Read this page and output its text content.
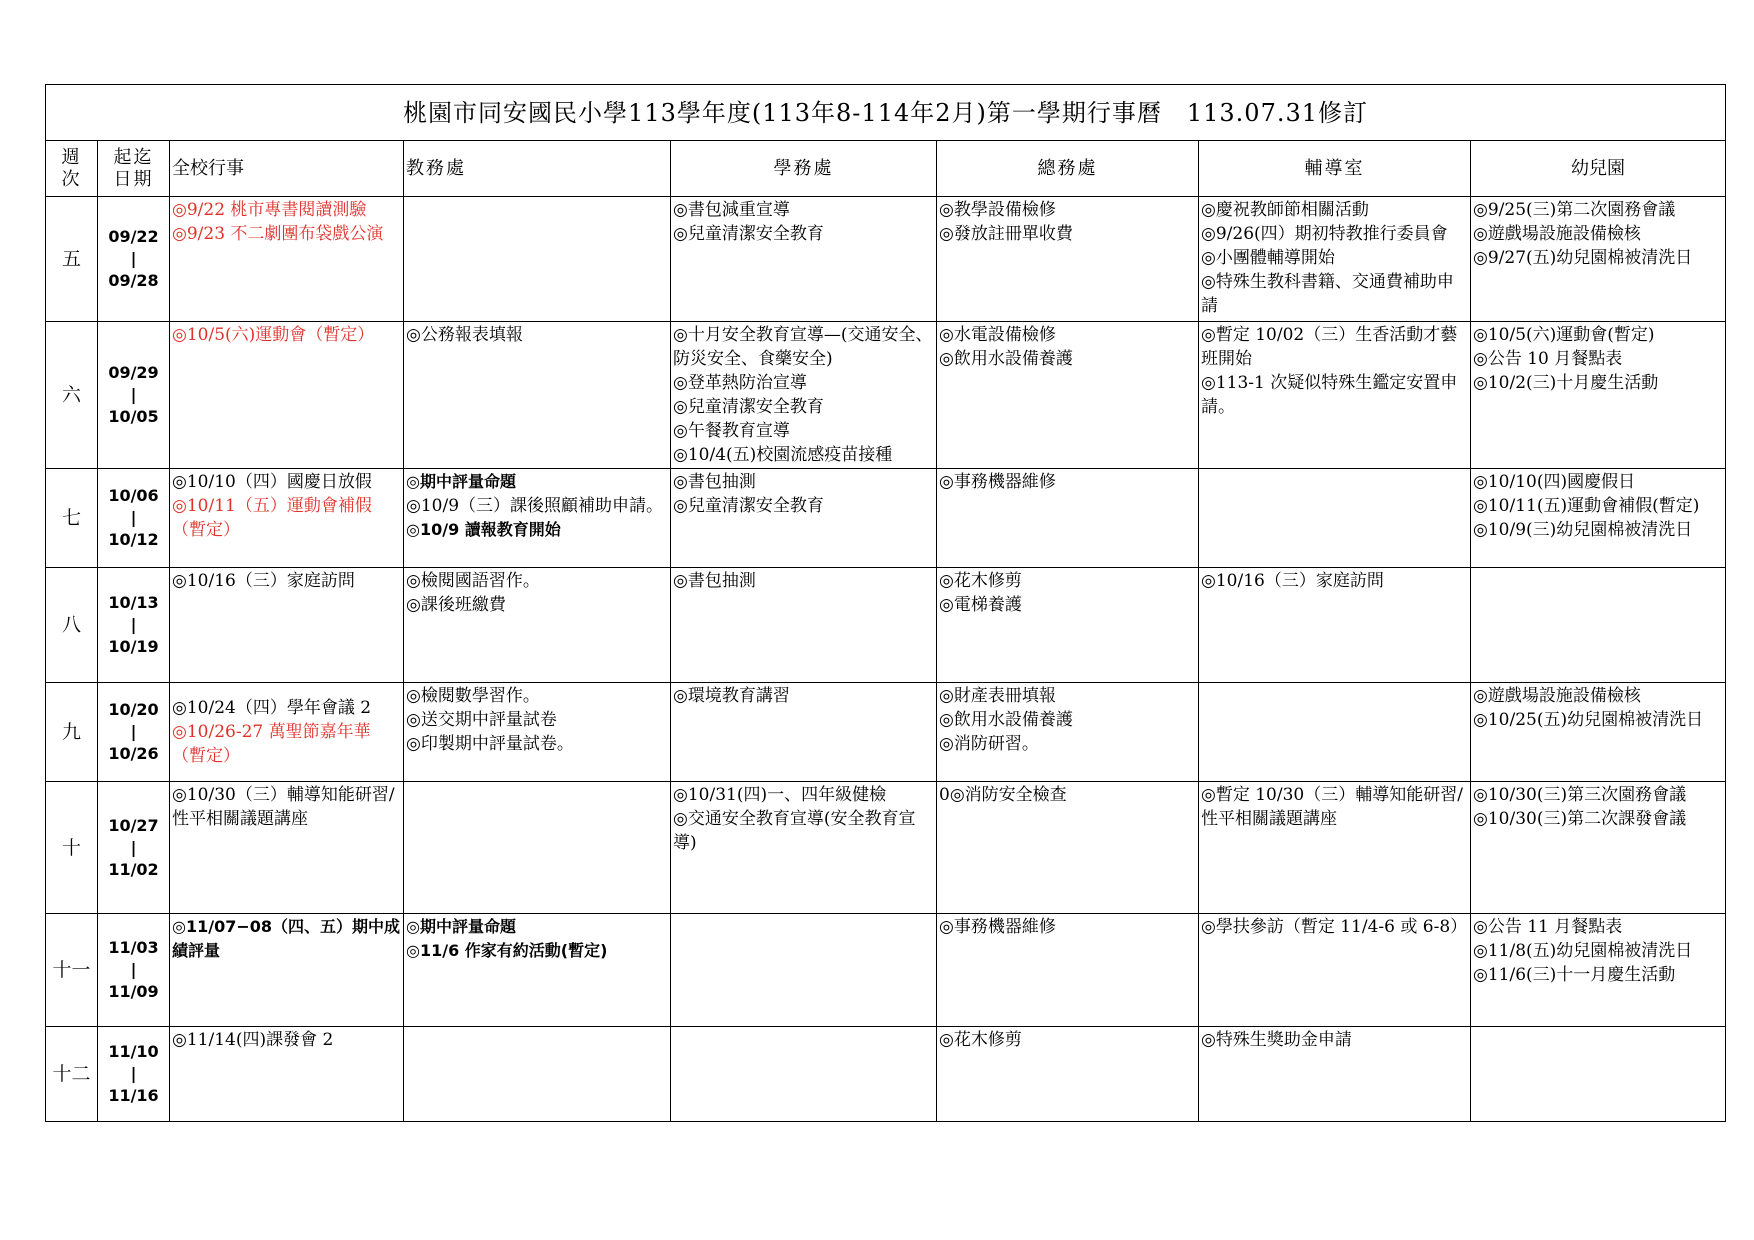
桃園市同安國民小學113學年度(113年8-114年2月)第一學期行事曆　113.07.31修訂							

週
次	起迄
日期	全校行事	教務處	學務處	總務處	輔導室	幼兒園
五	09/22
|
09/28	◎9/22 桃市專書閱讀測驗
◎9/23 不二劇團布袋戲公演		◎書包減重宣導
◎兒童清潔安全教育	◎教學設備檢修
◎發放註冊單收費	◎慶祝教師節相關活動
◎9/26(四）期初特教推行委員會
◎小團體輔導開始
◎特殊生教科書籍、交通費補助申請	◎9/25(三)第二次園務會議
◎遊戲場設施設備檢核
◎9/27(五)幼兒園棉被清洗日

六	09/29
|
10/05	◎10/5(六)運動會（暫定）	◎公務報表填報	◎十月安全教育宣導—(交通安全、防災安全、食藥安全)
◎登革熱防治宣導
◎兒童清潔安全教育
◎午餐教育宣導
◎10/4(五)校園流感疫苗接種	◎水電設備檢修
◎飲用水設備養護	◎暫定 10/02（三）生香活動才藝班開始
◎113-1 次疑似特殊生鑑定安置申請。	◎10/5(六)運動會(暫定)
◎公告 10 月餐點表
◎10/2(三)十月慶生活動

七	10/06
|
10/12	◎10/10（四）國慶日放假
◎10/11（五）運動會補假（暫定）	◎期中評量命題
◎10/9（三）課後照顧補助申請。
◎10/9 讀報教育開始	◎書包抽測
◎兒童清潔安全教育	◎事務機器維修		◎10/10(四)國慶假日
◎10/11(五)運動會補假(暫定)
◎10/9(三)幼兒園棉被清洗日

八	10/13
|
10/19	◎10/16（三）家庭訪問	◎檢閱國語習作。
◎課後班繳費	◎書包抽測	◎花木修剪
◎電梯養護	◎10/16（三）家庭訪問	

九	10/20
|
10/26	◎10/24（四）學年會議 2
◎10/26-27 萬聖節嘉年華（暫定）	◎檢閱數學習作。
◎送交期中評量試卷
◎印製期中評量試卷。	◎環境教育講習	◎財產表冊填報
◎飲用水設備養護
◎消防研習。		◎遊戲場設施設備檢核
◎10/25(五)幼兒園棉被清洗日

十	10/27
|
11/02	◎10/30（三）輔導知能研習/性平相關議題講座		◎10/31(四)一、四年級健檢
◎交通安全教育宣導(安全教育宣導)	0◎消防安全檢查	◎暫定 10/30（三）輔導知能研習/性平相關議題講座	◎10/30(三)第三次園務會議
◎10/30(三)第二次課發會議

十一	11/03
|
11/09	◎11/07−08（四、五）期中成績評量	◎期中評量命題
◎11/6 作家有約活動(暫定)		◎事務機器維修	◎學扶參訪（暫定 11/4-6 或 6-8）	◎公告 11 月餐點表
◎11/8(五)幼兒園棉被清洗日
◎11/6(三)十一月慶生活動

十二	11/10
|
11/16	◎11/14(四)課發會 2			◎花木修剪	◎特殊生獎助金申請	
